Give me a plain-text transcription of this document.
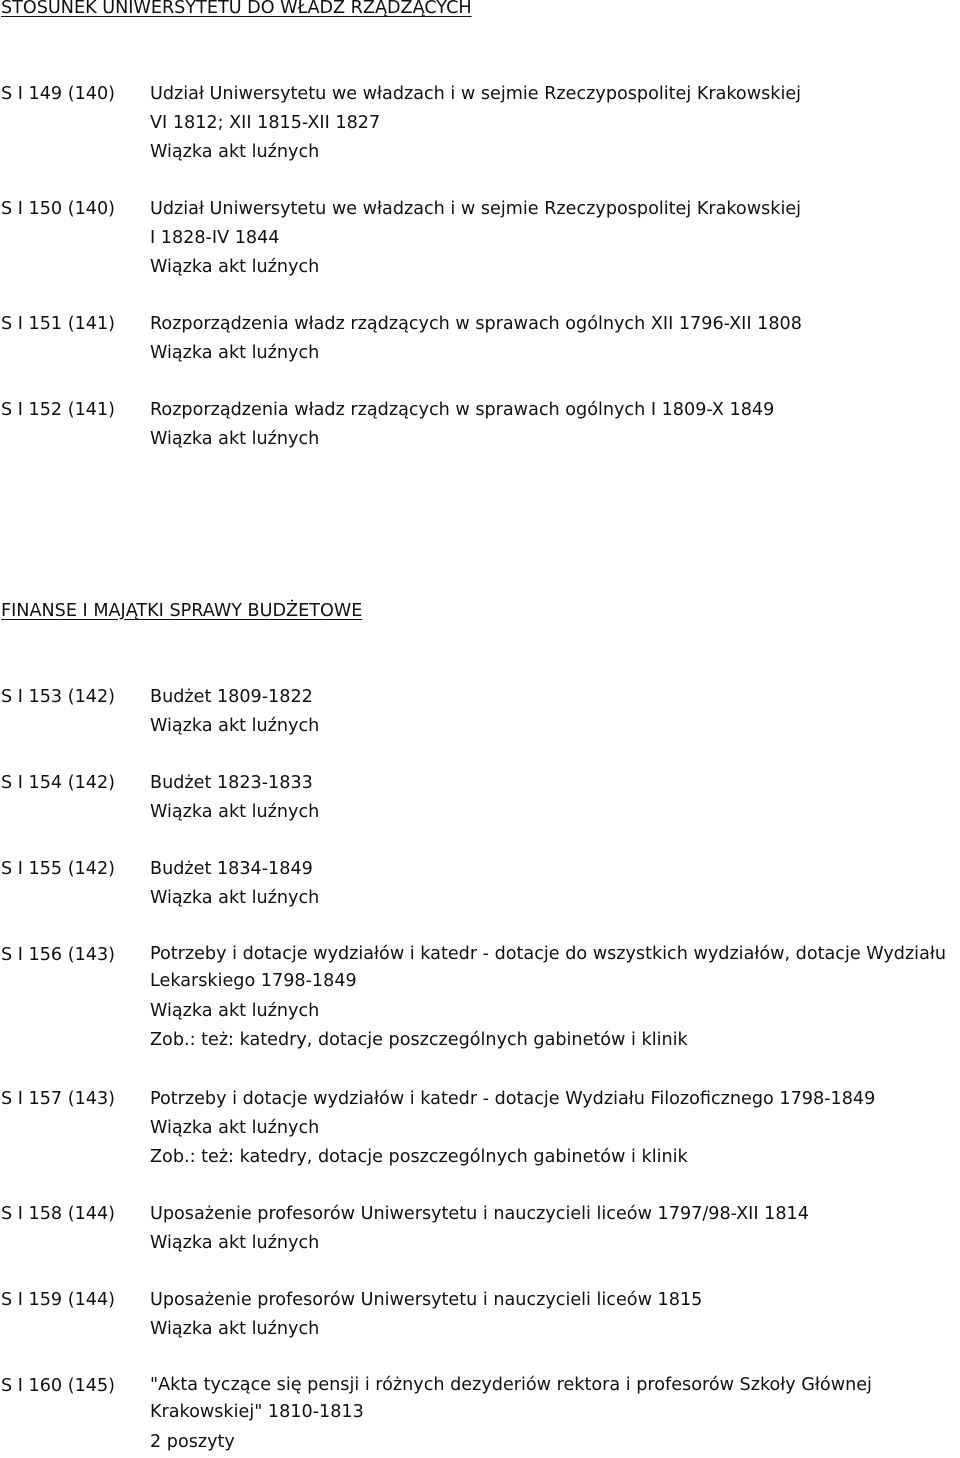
STOSUNEK UNIWERSYTETU DO WŁADZ RZĄDZĄCYCH
S I 149 (140)	Udział Uniwersytetu we władzach i w sejmie Rzeczypospolitej Krakowskiej
VI 1812; XII 1815-XII 1827
Wiązka akt luźnych
S I 150 (140)	Udział Uniwersytetu we władzach i w sejmie Rzeczypospolitej Krakowskiej
I 1828-IV 1844
Wiązka akt luźnych
S I 151 (141)	Rozporządzenia władz rządzących w sprawach ogólnych XII 1796-XII 1808
Wiązka akt luźnych
S I 152 (141)	Rozporządzenia władz rządzących w sprawach ogólnych I 1809-X 1849
Wiązka akt luźnych
FINANSE I MAJĄTKI SPRAWY BUDŻETOWE
S I 153 (142)	Budżet 1809-1822
Wiązka akt luźnych
S I 154 (142)	Budżet 1823-1833
Wiązka akt luźnych
S I 155 (142)	Budżet 1834-1849
Wiązka akt luźnych
S I 156 (143)	Potrzeby i dotacje wydziałów i katedr - dotacje do wszystkich wydziałów, dotacje Wydziału
Lekarskiego 1798-1849
Wiązka akt luźnych
Zob.: też: katedry, dotacje poszczególnych gabinetów i klinik
S I 157 (143)	Potrzeby i dotacje wydziałów i katedr - dotacje Wydziału Filozoficznego 1798-1849
Wiązka akt luźnych
Zob.: też: katedry, dotacje poszczególnych gabinetów i klinik
S I 158 (144)	Uposażenie profesorów Uniwersytetu i nauczycieli liceów 1797/98-XII 1814
Wiązka akt luźnych
S I 159 (144)	Uposażenie profesorów Uniwersytetu i nauczycieli liceów 1815
Wiązka akt luźnych
S I 160 (145)	"Akta tyczące się pensji i różnych dezyderiów rektora i profesorów Szkoły Głównej
Krakowskiej" 1810-1813
2 poszyty
